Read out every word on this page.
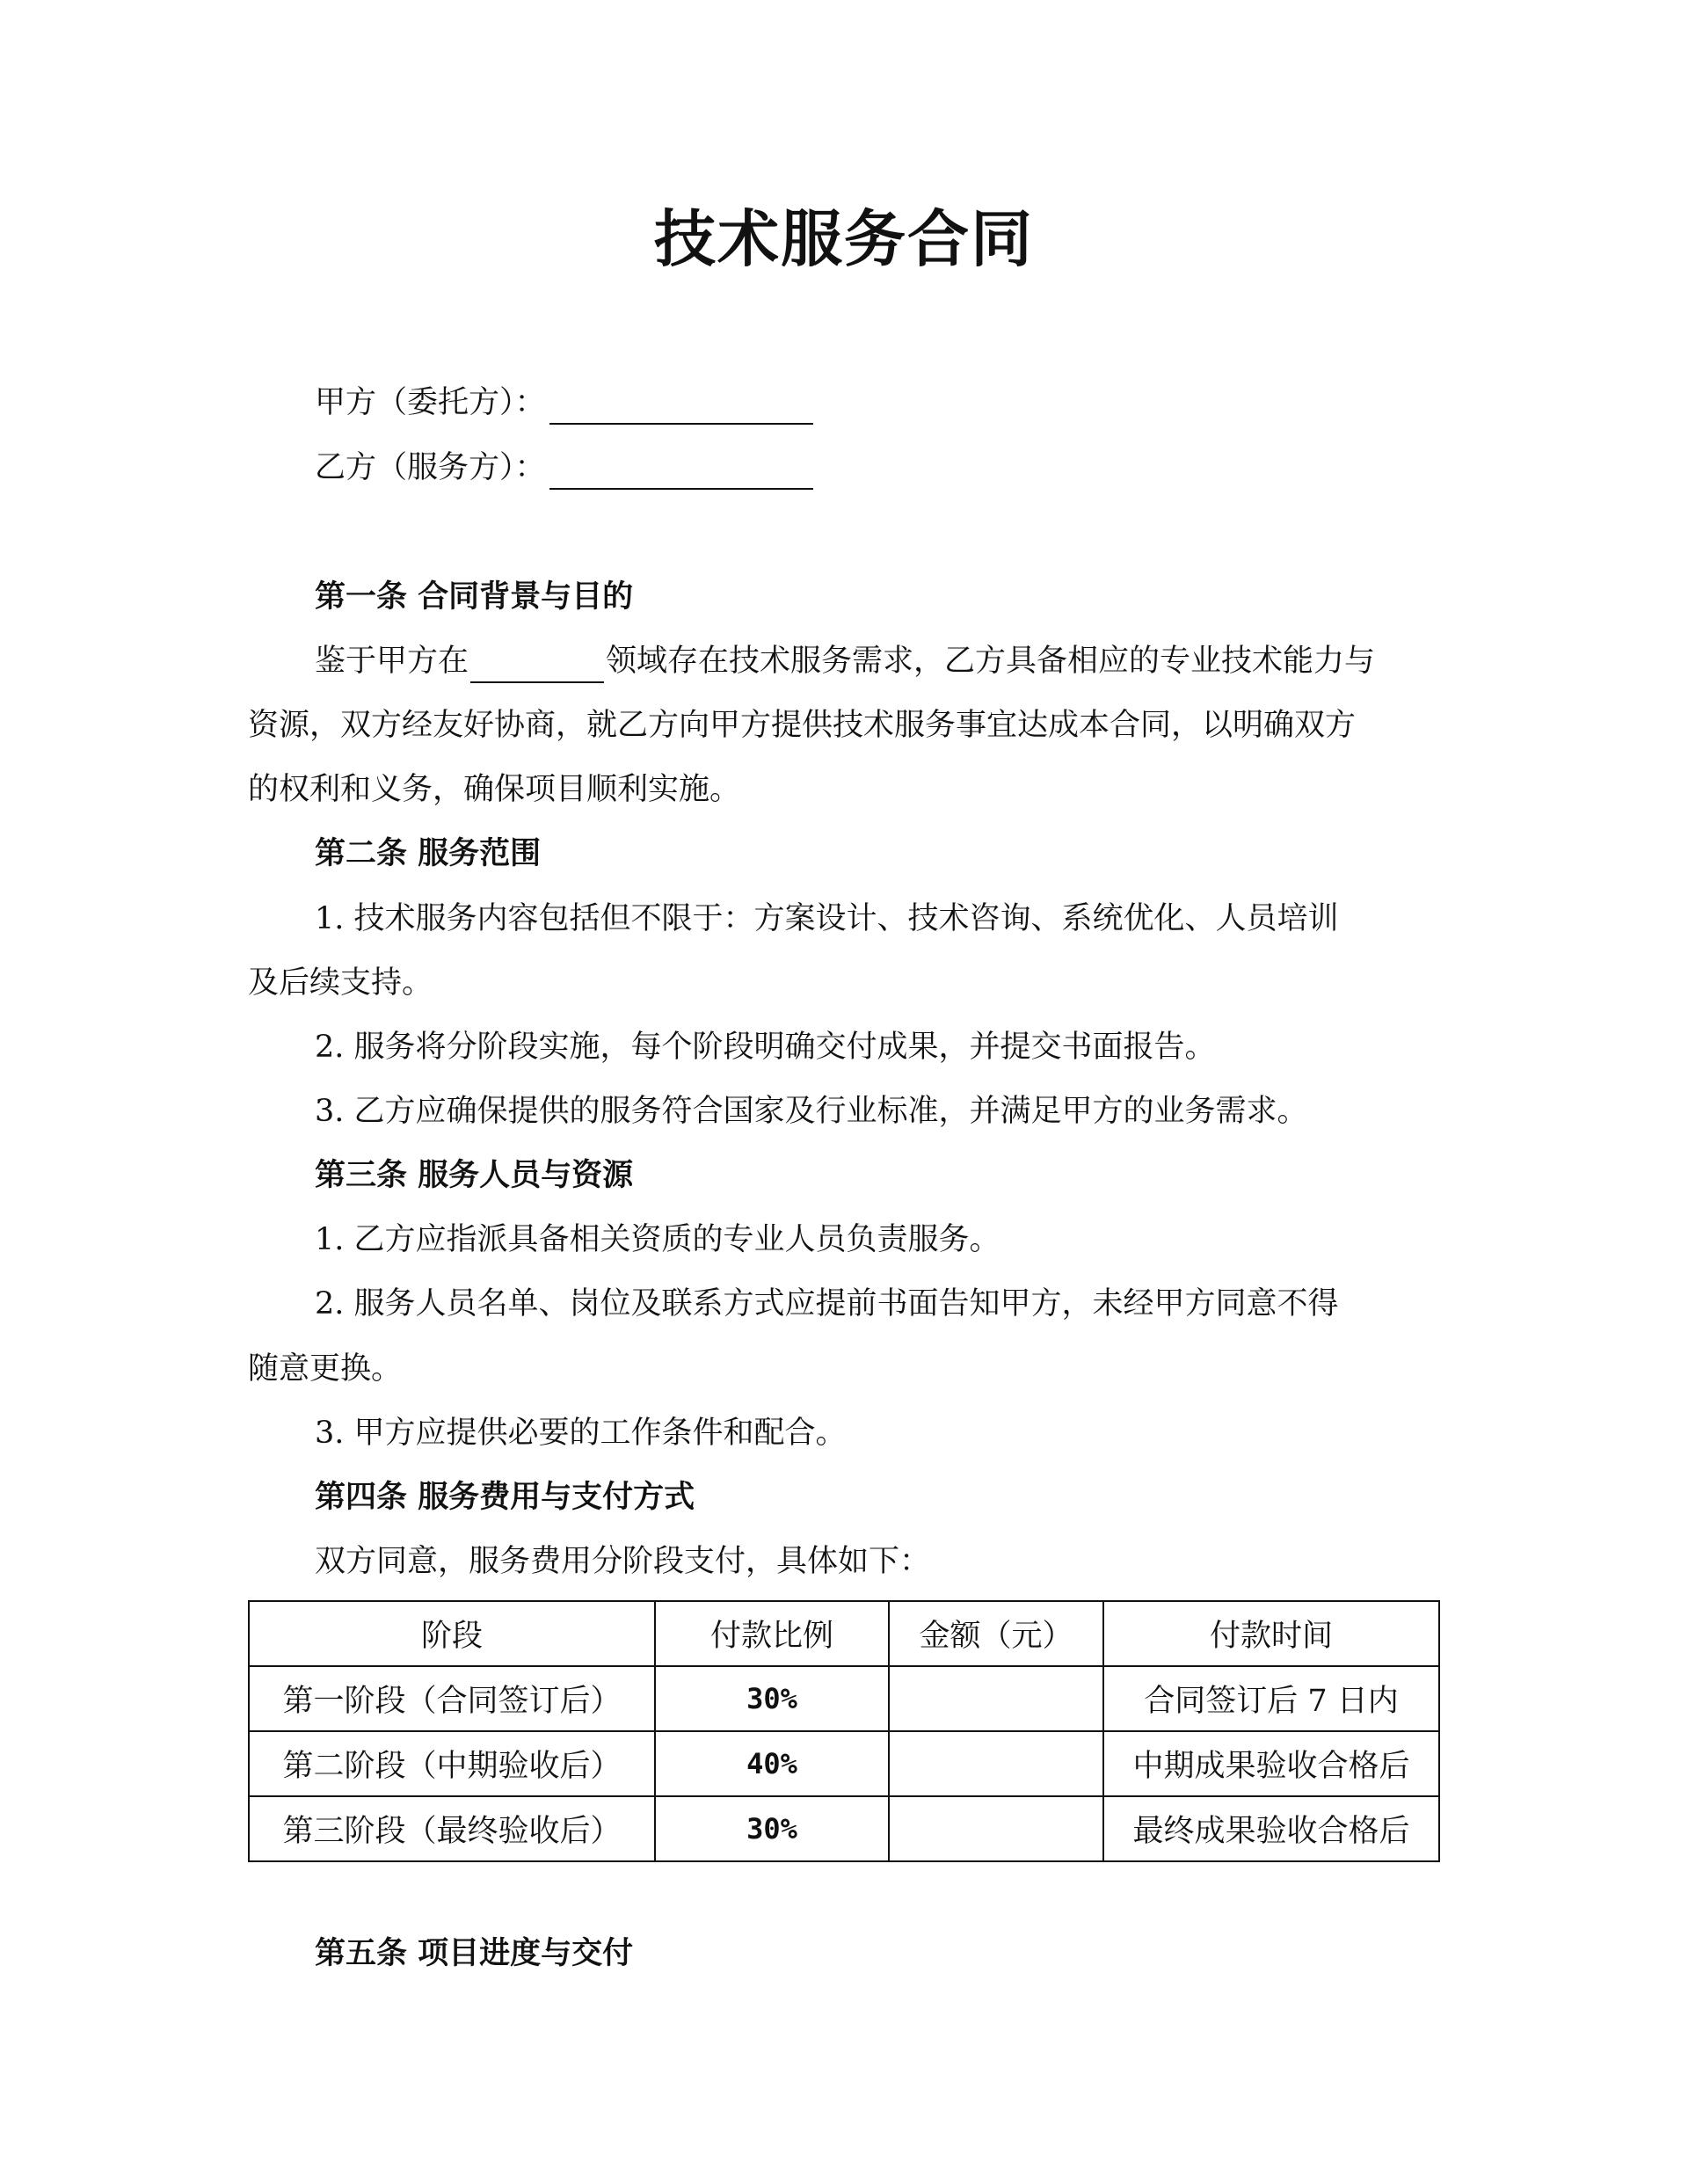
技术服务合同
甲方（委托方）：
乙方（服务方）：
第一条 合同背景与目的
鉴于甲方在	领域存在技术服务需求，乙方具备相应的专业技术能力与
资源，双方经友好协商，就乙方向甲方提供技术服务事宜达成本合同，以明确双方
的权利和义务，确保项目顺利实施。
第二条 服务范围
1. 技术服务内容包括但不限于：方案设计、技术咨询、系统优化、人员培训
及后续支持。
2. 服务将分阶段实施，每个阶段明确交付成果，并提交书面报告。
3. 乙方应确保提供的服务符合国家及行业标准，并满足甲方的业务需求。
第三条 服务人员与资源
1. 乙方应指派具备相关资质的专业人员负责服务。
2. 服务人员名单、岗位及联系方式应提前书面告知甲方，未经甲方同意不得
随意更换。
3. 甲方应提供必要的工作条件和配合。
第四条 服务费用与支付方式
双方同意，服务费用分阶段支付，具体如下：
阶段	付款比例	金额（元）	付款时间
第一阶段（合同签订后）	30%		合同签订后 7 日内
第二阶段（中期验收后）	40%		中期成果验收合格后
第三阶段（最终验收后）	30%		最终成果验收合格后
第五条 项目进度与交付
